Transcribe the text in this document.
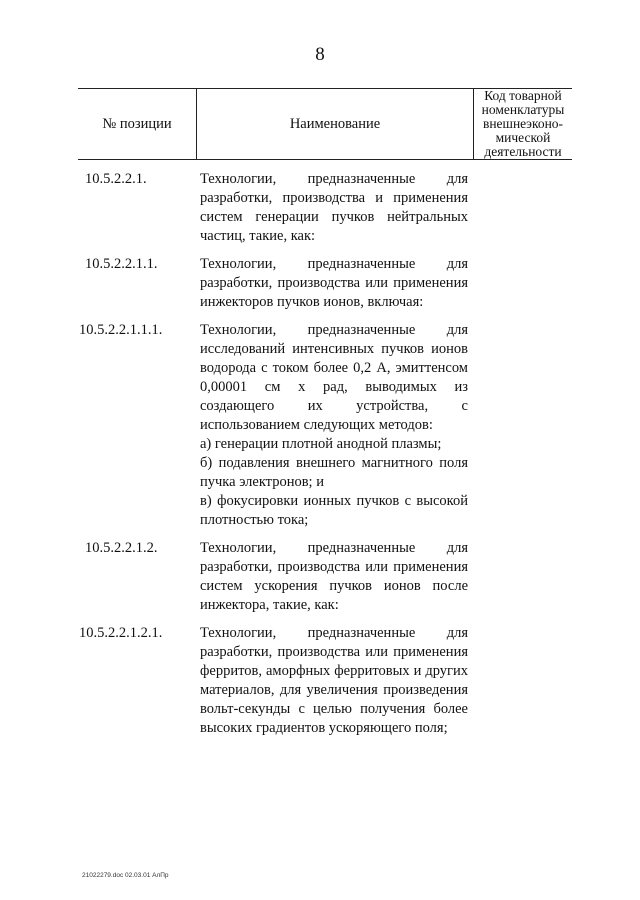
8
№ позиции	Наименование	Код товарной номенклатуры внешнеэконо-мической деятельности
10.5.2.2.1.	Технологии, предназначенные для разработки, производства и применения систем генерации пучков нейтральных частиц, такие, как:
10.5.2.2.1.1.	Технологии, предназначенные для разработки, производства или применения инжекторов пучков ионов, включая:
10.5.2.2.1.1.1.	Технологии, предназначенные для исследований интенсивных пучков ионов водорода с током более 0,2 А, эмиттенсом 0,00001 см х рад, выводимых из создающего их устройства, с использованием следующих методов:
а) генерации плотной анодной плазмы;
б) подавления внешнего магнитного поля пучка электронов; и
в) фокусировки ионных пучков с высокой плотностью тока;
10.5.2.2.1.2.	Технологии, предназначенные для разработки, производства или применения систем ускорения пучков ионов после инжектора, такие, как:
10.5.2.2.1.2.1.	Технологии, предназначенные для разработки, производства или применения ферритов, аморфных ферритовых и других материалов, для увеличения произведения вольт-секунды с целью получения более высоких градиентов ускоряющего поля;
21022279.doc 02.03.01 АлПр
